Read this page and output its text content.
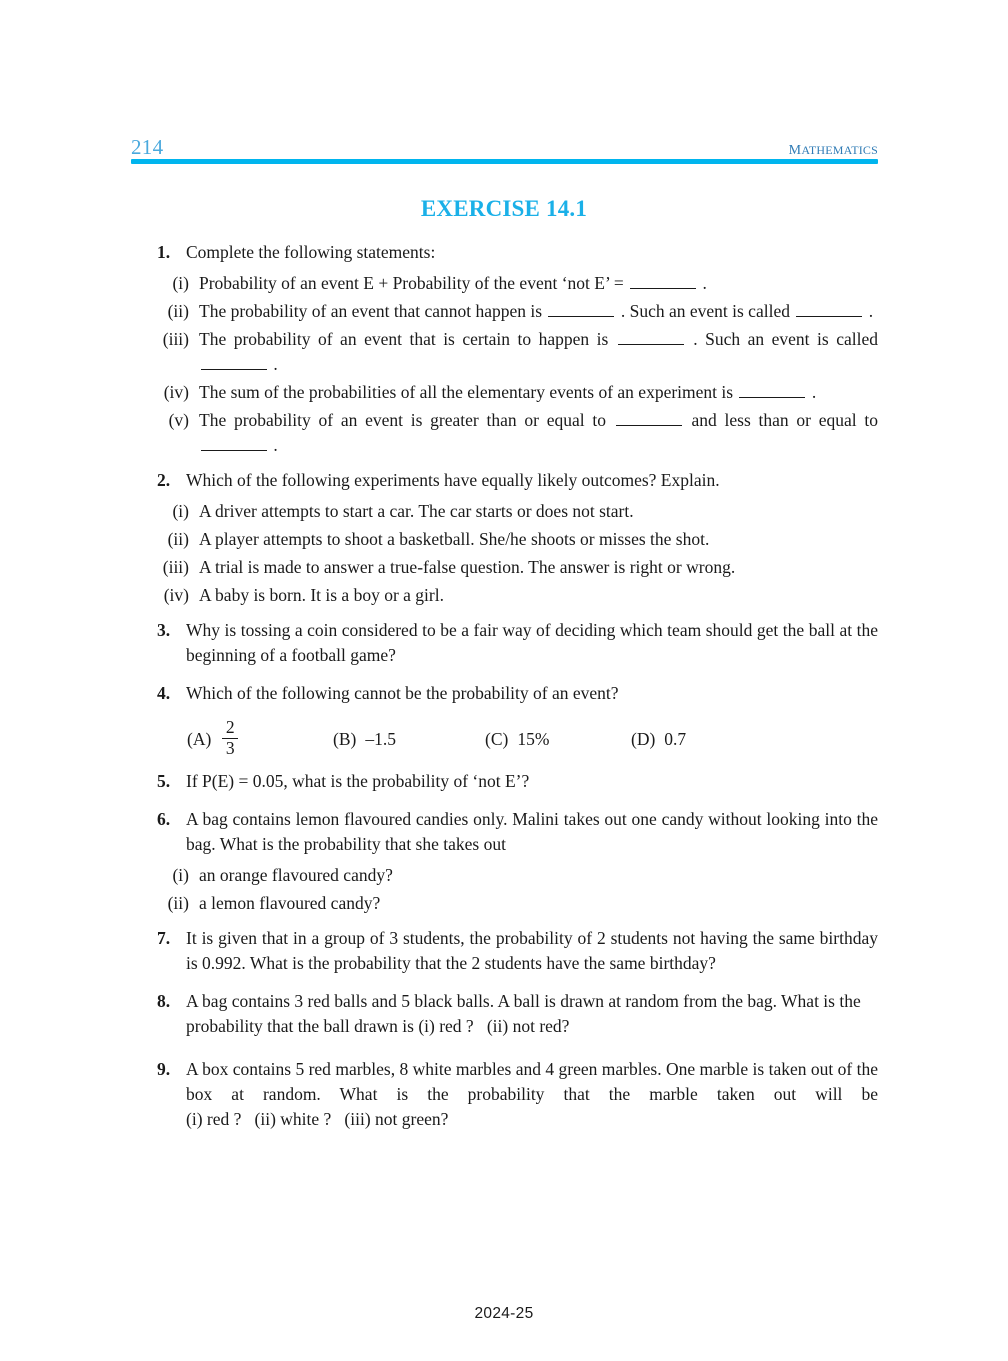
214	mathematics
EXERCISE 14.1
1. Complete the following statements:
(i) Probability of an event E + Probability of the event ‘not E’ =	.
(ii) The probability of an event that cannot happen is	. Such an event is called	.
(iii) The probability of an event that is certain to happen is	. Such an event is called  .
(iv) The sum of the probabilities of all the elementary events of an experiment is	.
(v) The probability of an event is greater than or equal to	and less than or equal to  .
2. Which of the following experiments have equally likely outcomes? Explain.
(i) A driver attempts to start a car. The car starts or does not start.
(ii) A player attempts to shoot a basketball. She/he shoots or misses the shot.
(iii) A trial is made to answer a true-false question. The answer is right or wrong.
(iv) A baby is born. It is a boy or a girl.
3. Why is tossing a coin considered to be a fair way of deciding which team should get the ball at the beginning of a football game?
4. Which of the following cannot be the probability of an event?
$(A) \frac{2}{3}$	(B) –1.5	(C) 15%	(D) 0.7
5. If P(E) = 0.05, what is the probability of ‘not E’?
6. A bag contains lemon flavoured candies only. Malini takes out one candy without looking into the bag. What is the probability that she takes out
(i) an orange flavoured candy?
(ii) a lemon flavoured candy?
7. It is given that in a group of 3 students, the probability of 2 students not having the same birthday is 0.992. What is the probability that the 2 students have the same birthday?
8. A bag contains 3 red balls and 5 black balls. A ball is drawn at random from the bag. What is the probability that the ball drawn is (i) red ? (ii) not red?
9. A box contains 5 red marbles, 8 white marbles and 4 green marbles. One marble is taken out of the box at random. What is the probability that the marble taken out will be (i) red ? (ii) white ? (iii) not green?
2024-25
